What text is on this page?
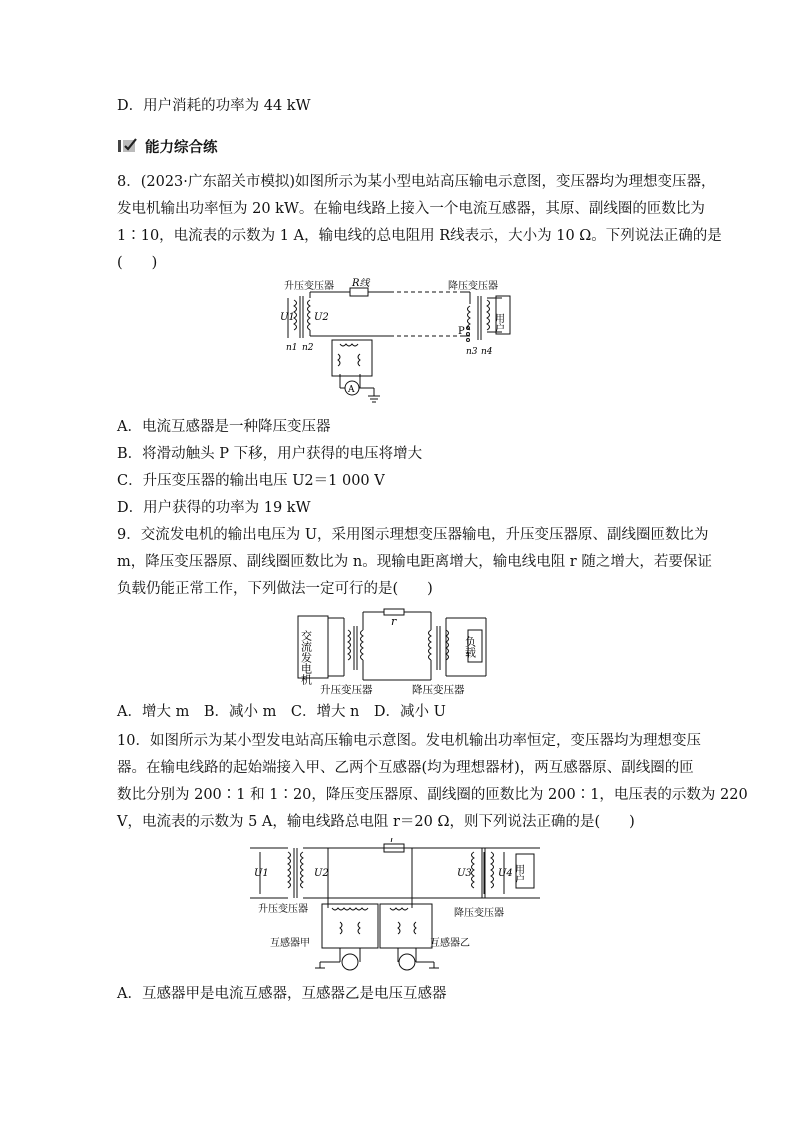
D．用户消耗的功率为 44 kW
能力综合练
8．(2023·广东韶关市模拟)如图所示为某小型电站高压输电示意图，变压器均为理想变压器，
发电机输出功率恒为 20 kW。在输电线路上接入一个电流互感器，其原、副线圈的匝数比为
1∶10，电流表的示数为 1 A，输电线的总电阻用 R线表示，大小为 10 Ω。下列说法正确的是
(　　)
升压变压器	降压变压器
R线
U1 U2
n1 n2
P
n3 n4
用户
A
A．电流互感器是一种降压变压器
B．将滑动触头 P 下移，用户获得的电压将增大
C．升压变压器的输出电压 U2＝1 000 V
D．用户获得的功率为 19 kW
9．交流发电机的输出电压为 U，采用图示理想变压器输电，升压变压器原、副线圈匝数比为
m，降压变压器原、副线圈匝数比为 n。现输电距离增大，输电线电阻 r 随之增大，若要保证
负载仍能正常工作，下列做法一定可行的是(　　)
交流发电机	负载
r
升压变压器	降压变压器
A．增大 m　B．减小 m　C．增大 n　D．减小 U
10．如图所示为某小型发电站高压输电示意图。发电机输出功率恒定，变压器均为理想变压
器。在输电线路的起始端接入甲、乙两个互感器(均为理想器材)，两互感器原、副线圈的匝
数比分别为 200∶1 和 1∶20，降压变压器原、副线圈的匝数比为 200∶1，电压表的示数为 220
V，电流表的示数为 5 A，输电线路总电阻 r＝20 Ω，则下列说法正确的是(　　)
U1	U2	U3	U4
r
用户
升压变压器	降压变压器
互感器甲	互感器乙
A．互感器甲是电流互感器，互感器乙是电压互感器
